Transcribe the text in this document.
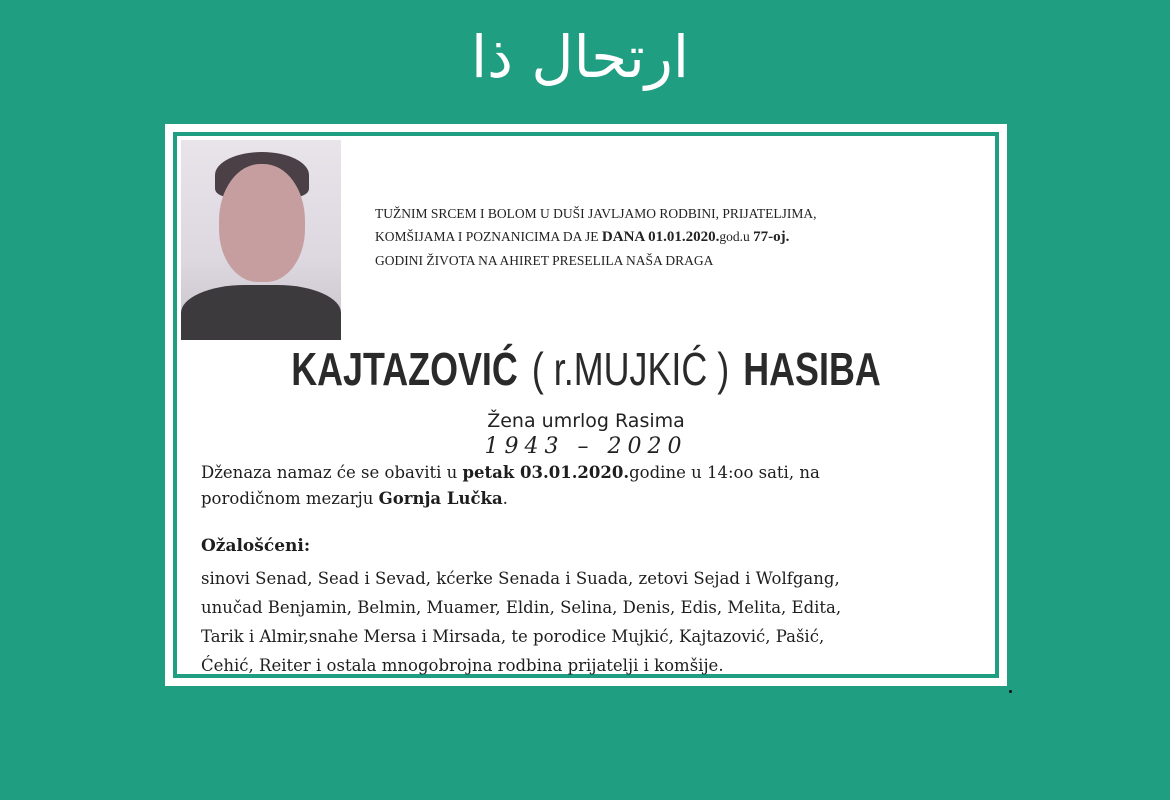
ارتحال ذا
TUŽNIM SRCEM I BOLOM U DUŠI JAVLJAMO RODBINI, PRIJATELJIMA,
KOMŠIJAMA I POZNANICIMA DA JE DANA 01.01.2020.god.u 77-oj.
GODINI ŽIVOTA NA AHIRET PRESELILA NAŠA DRAGA
KAJTAZOVIĆ ( r.MUJKIĆ ) HASIBA
Žena umrlog Rasima
1943 – 2020
Dženaza namaz će se obaviti u petak 03.01.2020.godine u 14:oo sati, na
porodičnom mezarju Gornja Lučka.
Ožalošćeni:
sinovi Senad, Sead i Sevad, kćerke Senada i Suada, zetovi Sejad i Wolfgang,
unučad Benjamin, Belmin, Muamer, Eldin, Selina, Denis, Edis, Melita, Edita,
Tarik i Almir,snahe Mersa i Mirsada, te porodice Mujkić, Kajtazović, Pašić,
Ćehić, Reiter i ostala mnogobrojna rodbina prijatelji i komšije.
